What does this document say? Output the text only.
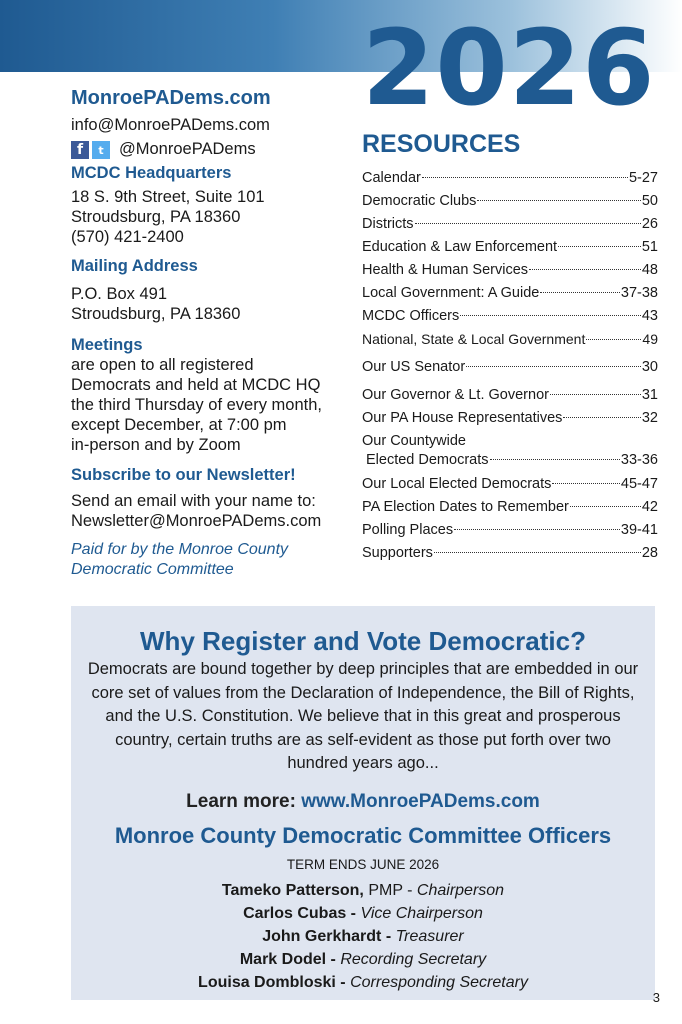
2026
MonroePADems.com
info@MonroePADems.com
f	t @MonroePADems
MCDC Headquarters
18 S. 9th Street, Suite 101
Stroudsburg, PA 18360
(570) 421-2400
Mailing Address
P.O. Box 491
Stroudsburg, PA 18360
Meetings
are open to all registered
Democrats and held at MCDC HQ
the third Thursday of every month,
except December, at 7:00 pm
in-person and by Zoom
Subscribe to our Newsletter!
Send an email with your name to:
Newsletter@MonroePADems.com
Paid for by the Monroe County
Democratic Committee
RESOURCES
Calendar	5-27
Democratic Clubs	50
Districts	26
Education & Law Enforcement	51
Health & Human Services	48
Local Government: A Guide	37-38
MCDC Officers	43
National, State & Local Government	49
Our US Senator	30
Our Governor & Lt. Governor	31
Our PA House Representatives	32
Our Countywide
Elected Democrats	33-36
Our Local Elected Democrats	45-47
PA Election Dates to Remember	42
Polling Places	39-41
Supporters	28
Why Register and Vote Democratic?
Democrats are bound together by deep principles that are embedded in our core set of values from the Declaration of Independence, the Bill of Rights, and the U.S. Constitution. We believe that in this great and prosperous country, certain truths are as self-evident as those put forth over two hundred years ago...
Learn more: www.MonroePADems.com
Monroe County Democratic Committee Officers
TERM ENDS JUNE 2026
Tameko Patterson, PMP - Chairperson
Carlos Cubas - Vice Chairperson
John Gerkhardt - Treasurer
Mark Dodel - Recording Secretary
Louisa Dombloski - Corresponding Secretary
3
